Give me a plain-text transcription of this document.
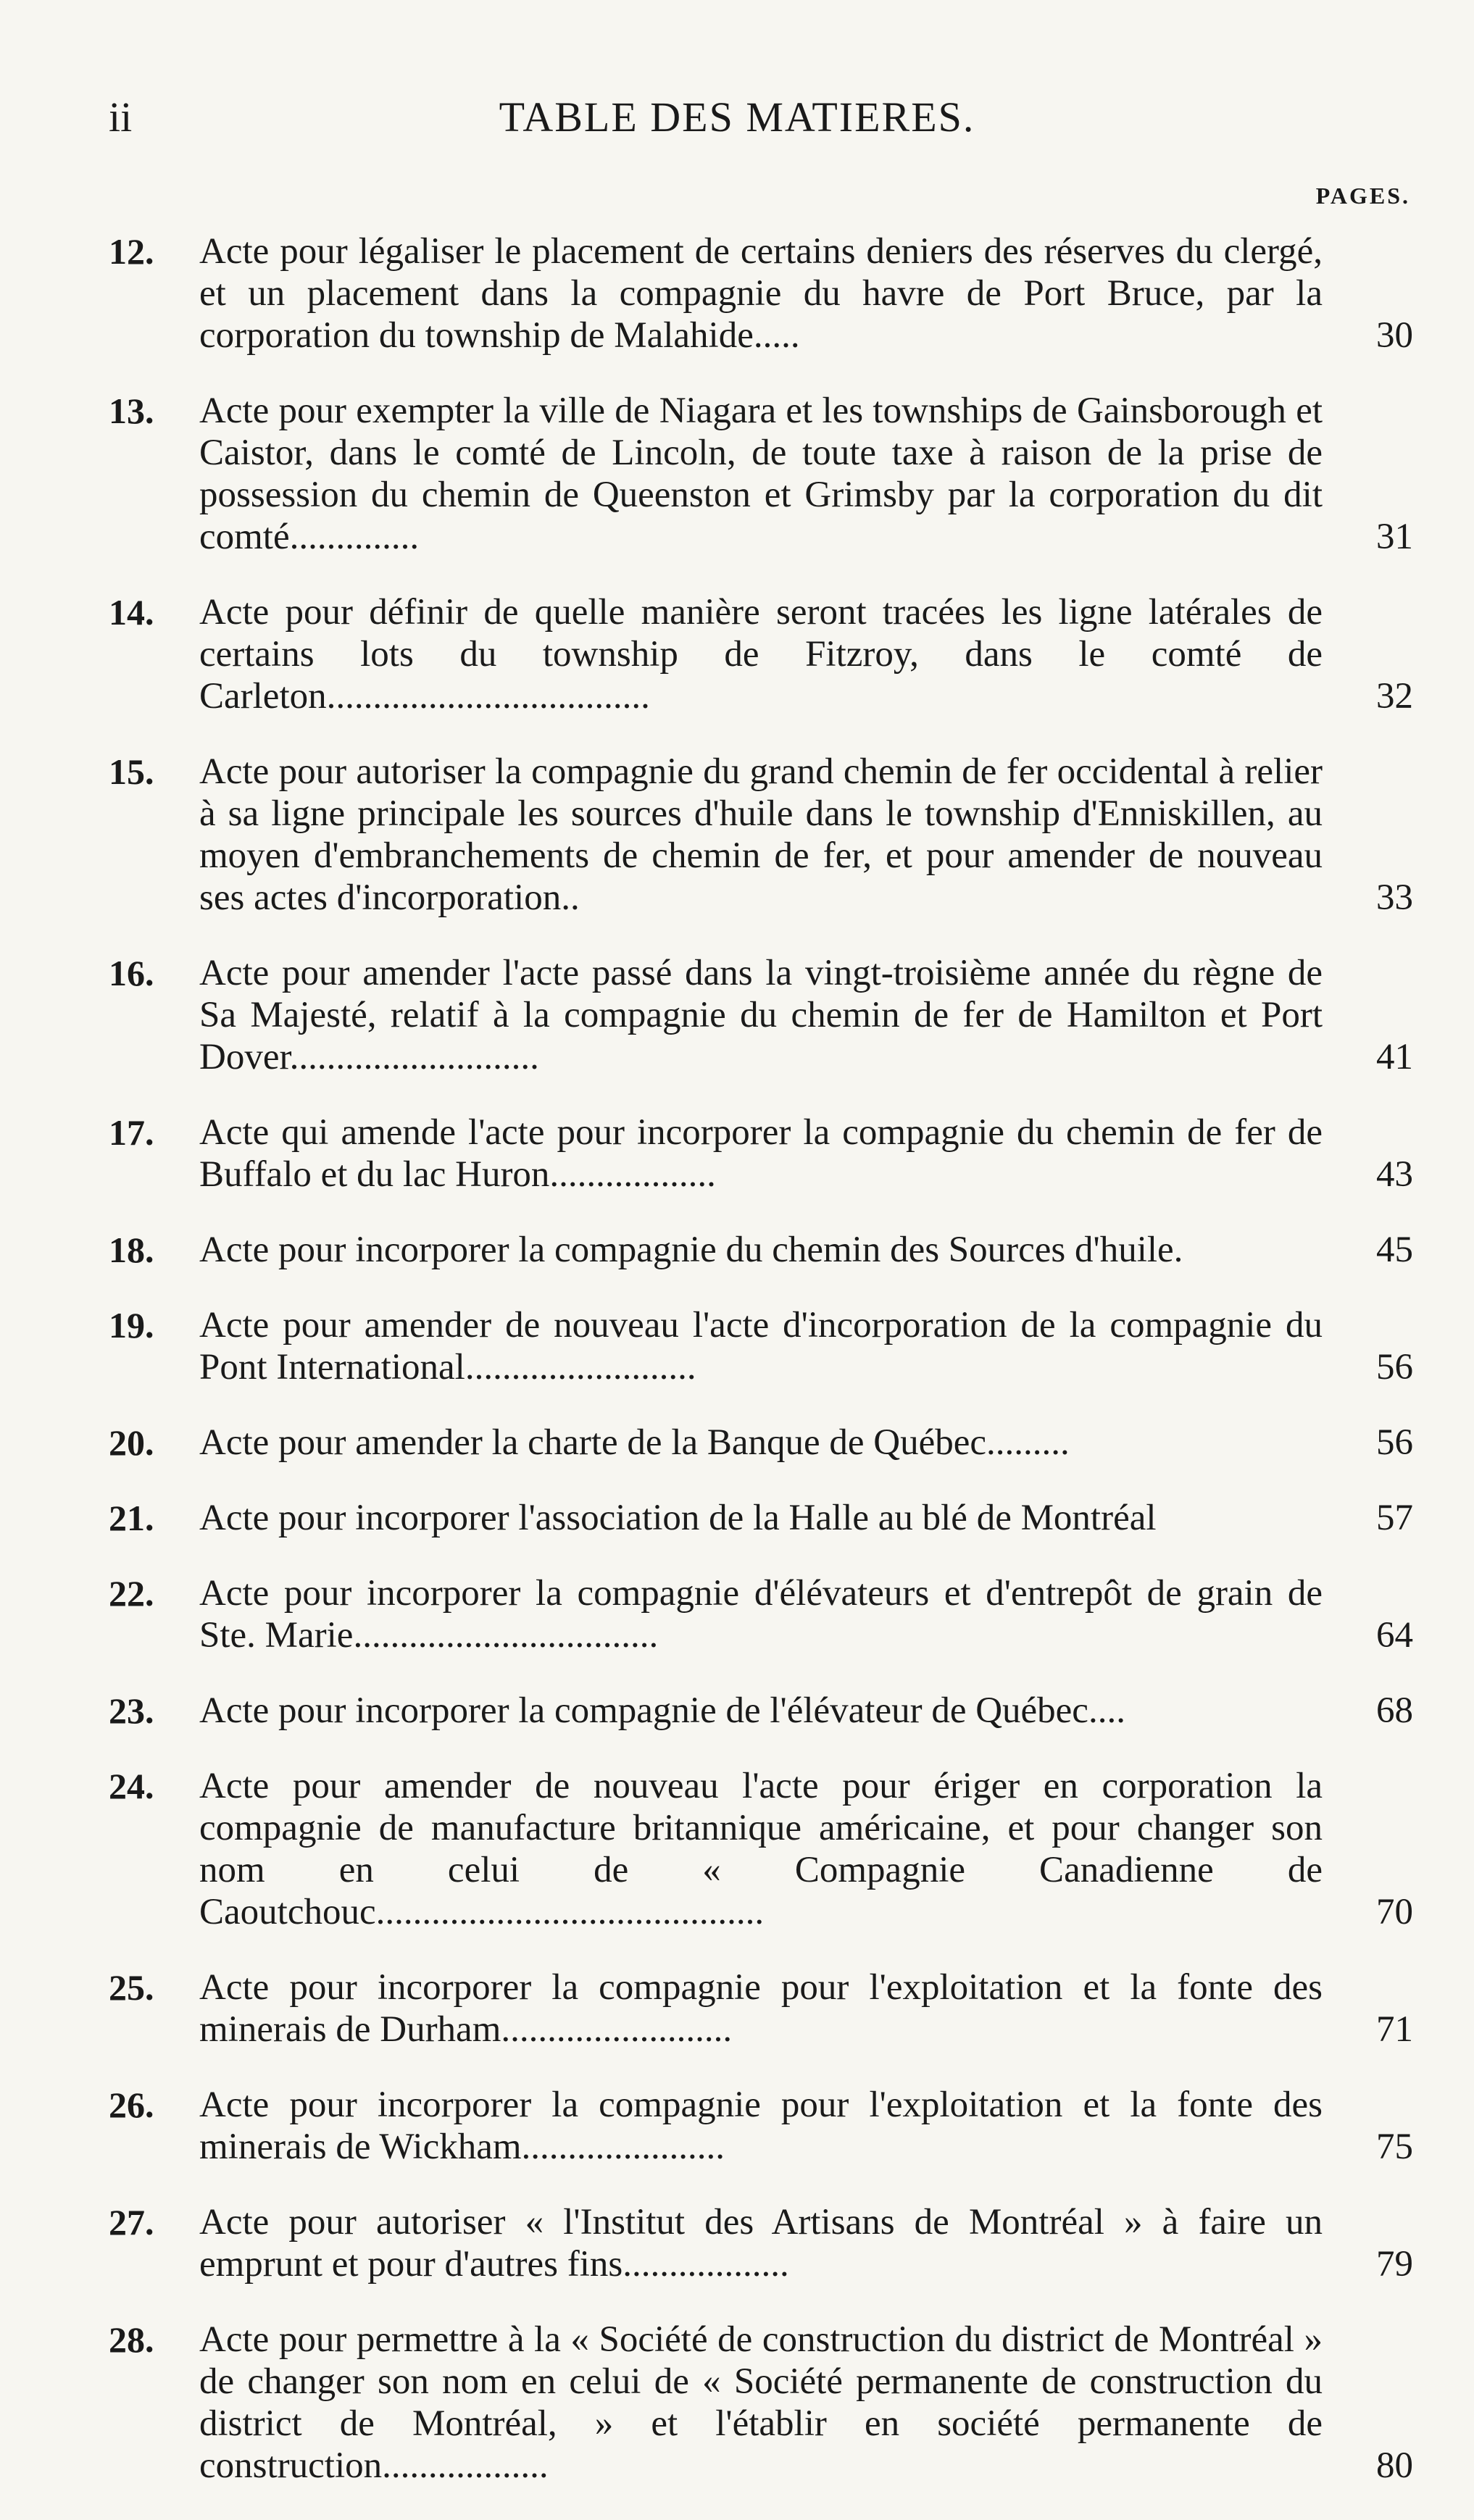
ii	TABLE DES MATIERES.
PAGES.
12. Acte pour légaliser le placement de certains deniers des réserves du clergé, et un placement dans la compagnie du havre de Port Bruce, par la corporation du township de Malahide.....	30
13. Acte pour exempter la ville de Niagara et les townships de Gainsborough et Caistor, dans le comté de Lincoln, de toute taxe à raison de la prise de possession du chemin de Queenston et Grimsby par la corporation du dit comté..............	31
14. Acte pour définir de quelle manière seront tracées les ligne latérales de certains lots du township de Fitzroy, dans le comté de Carleton...................................	32
15. Acte pour autoriser la compagnie du grand chemin de fer occidental à relier à sa ligne principale les sources d'huile dans le township d'Enniskillen, au moyen d'embranchements de chemin de fer, et pour amender de nouveau ses actes d'incorporation..	33
16. Acte pour amender l'acte passé dans la vingt-troisième année du règne de Sa Majesté, relatif à la compagnie du chemin de fer de Hamilton et Port Dover...........................	41
17. Acte qui amende l'acte pour incorporer la compagnie du chemin de fer de Buffalo et du lac Huron..................	43
18. Acte pour incorporer la compagnie du chemin des Sources d'huile.	45
19. Acte pour amender de nouveau l'acte d'incorporation de la compagnie du Pont International.........................	56
20. Acte pour amender la charte de la Banque de Québec.........	56
21. Acte pour incorporer l'association de la Halle au blé de Montréal	57
22. Acte pour incorporer la compagnie d'élévateurs et d'entrepôt de grain de Ste. Marie.................................	64
23. Acte pour incorporer la compagnie de l'élévateur de Québec....	68
24. Acte pour amender de nouveau l'acte pour ériger en corporation la compagnie de manufacture britannique américaine, et pour changer son nom en celui de « Compagnie Canadienne de Caoutchouc..........................................	70
25. Acte pour incorporer la compagnie pour l'exploitation et la fonte des minerais de Durham.........................	71
26. Acte pour incorporer la compagnie pour l'exploitation et la fonte des minerais de Wickham......................	75
27. Acte pour autoriser « l'Institut des Artisans de Montréal » à faire un emprunt et pour d'autres fins..................	79
28. Acte pour permettre à la « Société de construction du district de Montréal » de changer son nom en celui de « Société permanente de construction du district de Montréal, » et l'établir en société permanente de construction..................	80
